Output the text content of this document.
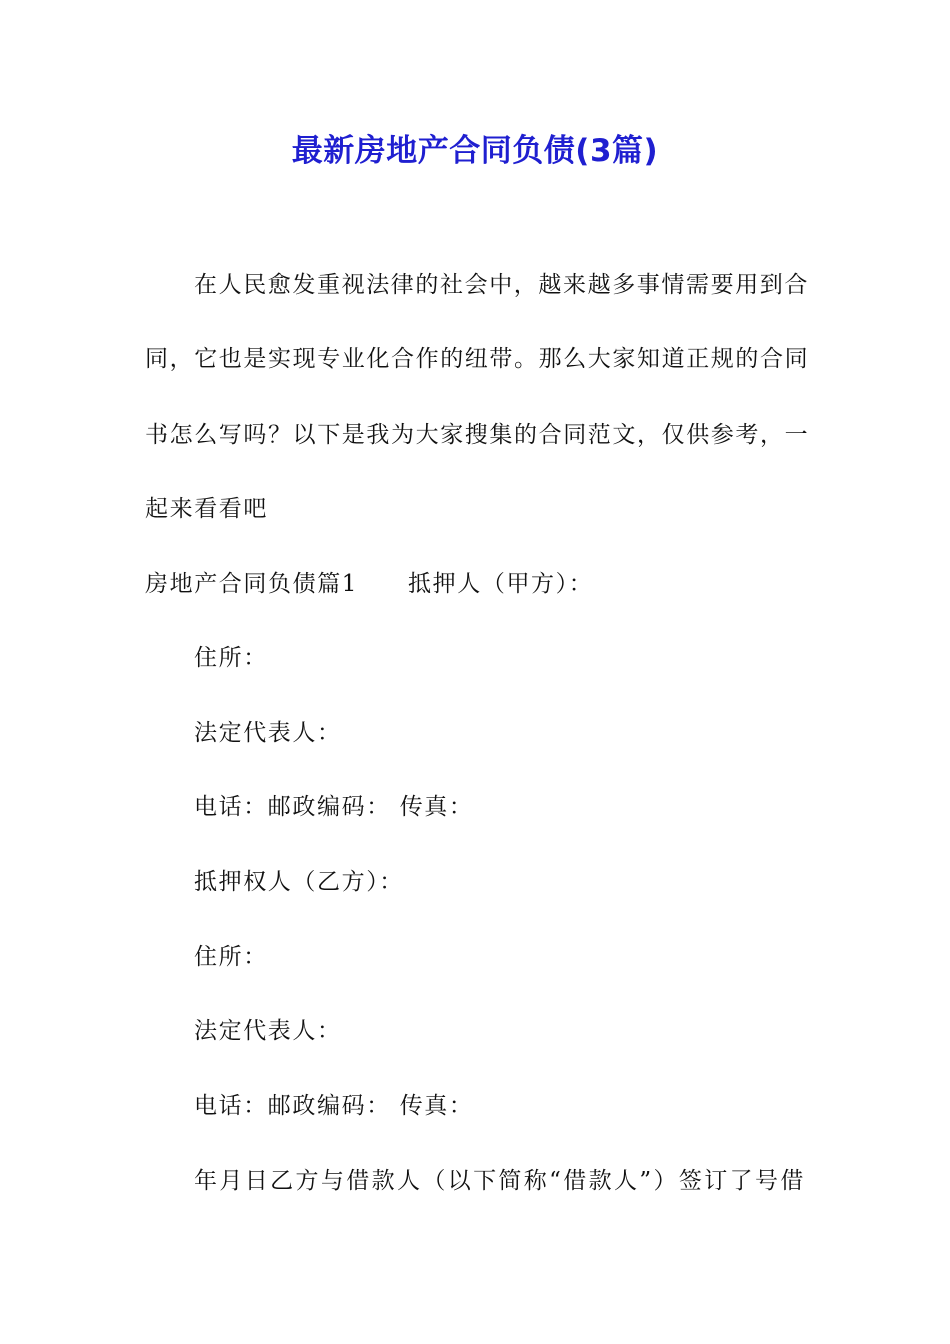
最新房地产合同负债(3篇)

在人民愈发重视法律的社会中，越来越多事情需要用到合

同，它也是实现专业化合作的纽带。那么大家知道正规的合同

书怎么写吗？以下是我为大家搜集的合同范文，仅供参考，一

起来看看吧

房地产合同负债篇1 抵押人（甲方）：

住所：

法定代表人：

电话：邮政编码： 传真：

抵押权人（乙方）：

住所：

法定代表人：

电话：邮政编码： 传真：

年月日乙方与借款人（以下简称“借款人”）签订了号借
